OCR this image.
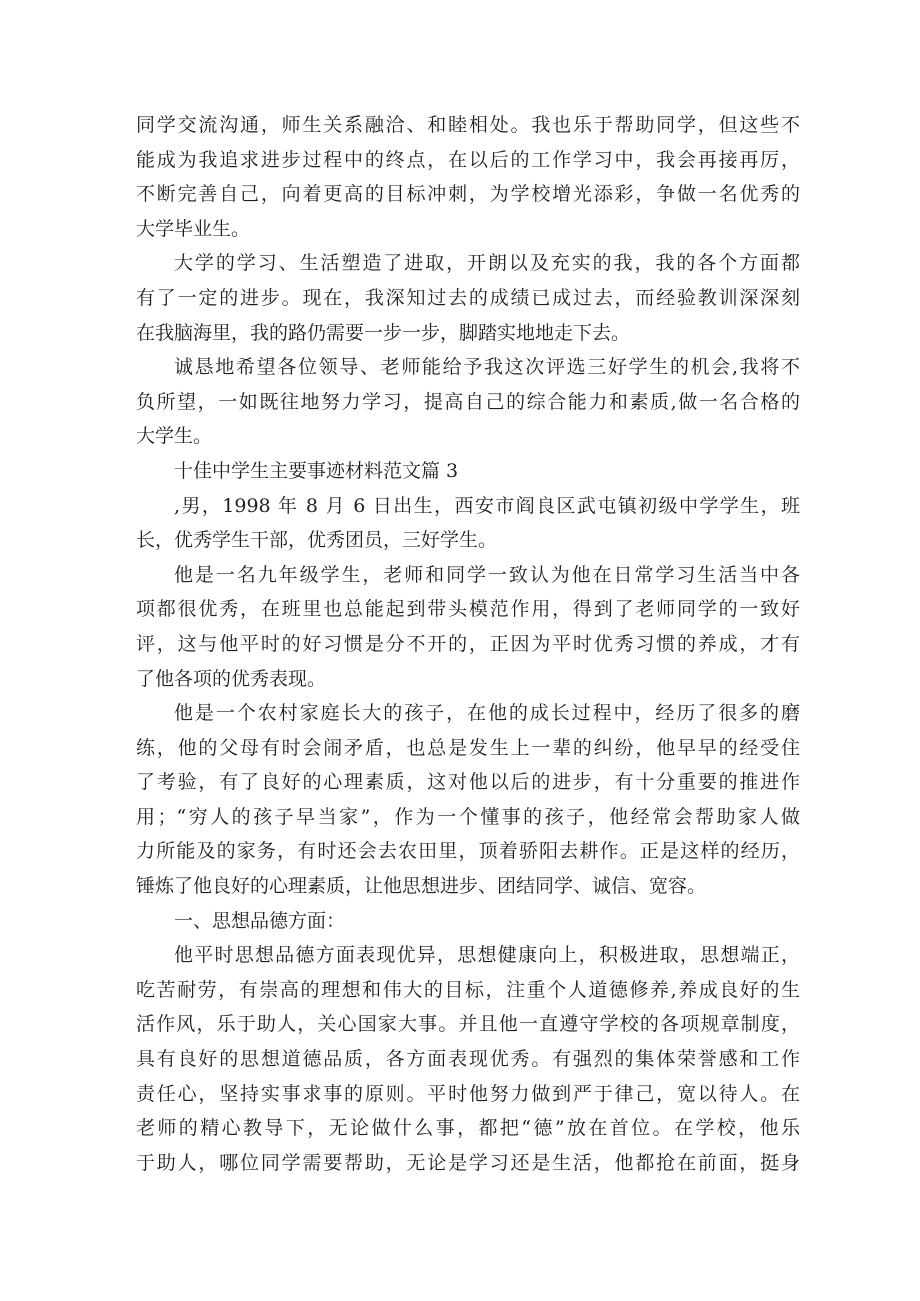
同学交流沟通，师生关系融洽、和睦相处。我也乐于帮助同学，但这些不
能成为我追求进步过程中的终点，在以后的工作学习中，我会再接再厉，
不断完善自己，向着更高的目标冲刺，为学校增光添彩，争做一名优秀的
大学毕业生。
大学的学习、生活塑造了进取，开朗以及充实的我，我的各个方面都
有了一定的进步。现在，我深知过去的成绩已成过去，而经验教训深深刻
在我脑海里，我的路仍需要一步一步，脚踏实地地走下去。
诚恳地希望各位领导、老师能给予我这次评选三好学生的机会,我将不
负所望，一如既往地努力学习，提高自己的综合能力和素质,做一名合格的
大学生。
十佳中学生主要事迹材料范文篇 3
,男，1998 年 8 月 6 日出生，西安市阎良区武屯镇初级中学学生，班
长，优秀学生干部，优秀团员，三好学生。
他是一名九年级学生，老师和同学一致认为他在日常学习生活当中各
项都很优秀，在班里也总能起到带头模范作用，得到了老师同学的一致好
评，这与他平时的好习惯是分不开的，正因为平时优秀习惯的养成，才有
了他各项的优秀表现。
他是一个农村家庭长大的孩子，在他的成长过程中，经历了很多的磨
练，他的父母有时会闹矛盾，也总是发生上一辈的纠纷，他早早的经受住
了考验，有了良好的心理素质，这对他以后的进步，有十分重要的推进作
用；“穷人的孩子早当家”，作为一个懂事的孩子，他经常会帮助家人做
力所能及的家务，有时还会去农田里，顶着骄阳去耕作。正是这样的经历，
锤炼了他良好的心理素质，让他思想进步、团结同学、诚信、宽容。
一、思想品德方面：
他平时思想品德方面表现优异，思想健康向上，积极进取，思想端正，
吃苦耐劳，有崇高的理想和伟大的目标，注重个人道德修养,养成良好的生
活作风，乐于助人，关心国家大事。并且他一直遵守学校的各项规章制度，
具有良好的思想道德品质，各方面表现优秀。有强烈的集体荣誉感和工作
责任心，坚持实事求事的原则。平时他努力做到严于律己，宽以待人。在
老师的精心教导下，无论做什么事，都把“德”放在首位。在学校，他乐
于助人，哪位同学需要帮助，无论是学习还是生活，他都抢在前面，挺身
